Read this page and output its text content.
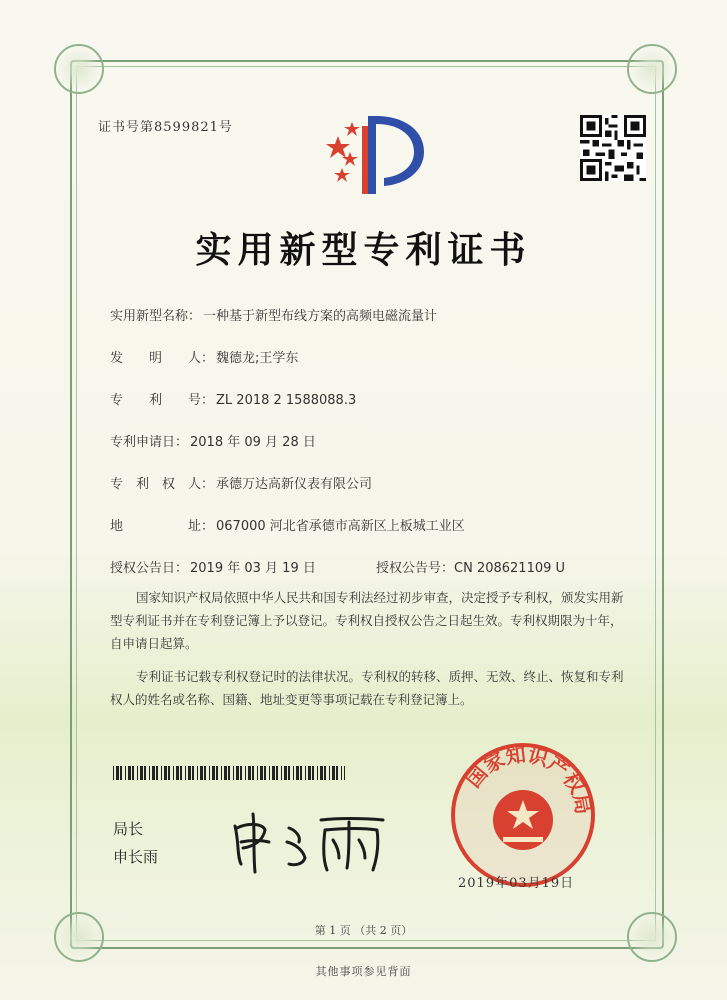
证书号第8599821号
实用新型专利证书
实用新型名称： 一种基于新型布线方案的高频电磁流量计
发　　明　　人： 魏德龙;王学东
专　　利　　号： ZL 2018 2 1588088.3
专利申请日： 2018 年 09 月 28 日
专　利　权　人： 承德万达高新仪表有限公司
地　　　　　址： 067000 河北省承德市高新区上板城工业区
授权公告日： 2019 年 03 月 19 日	授权公告号：CN 208621109 U

国家知识产权局依照中华人民共和国专利法经过初步审查，决定授予专利权，颁发实用新型专利证书并在专利登记簿上予以登记。专利权自授权公告之日起生效。专利权期限为十年，自申请日起算。

专利证书记载专利权登记时的法律状况。专利权的转移、质押、无效、终止、恢复和专利权人的姓名或名称、国籍、地址变更等事项记载在专利登记簿上。

局长
申长雨
国家知识产权局
2019年03月19日
第 1 页 （共 2 页）
其他事项参见背面
